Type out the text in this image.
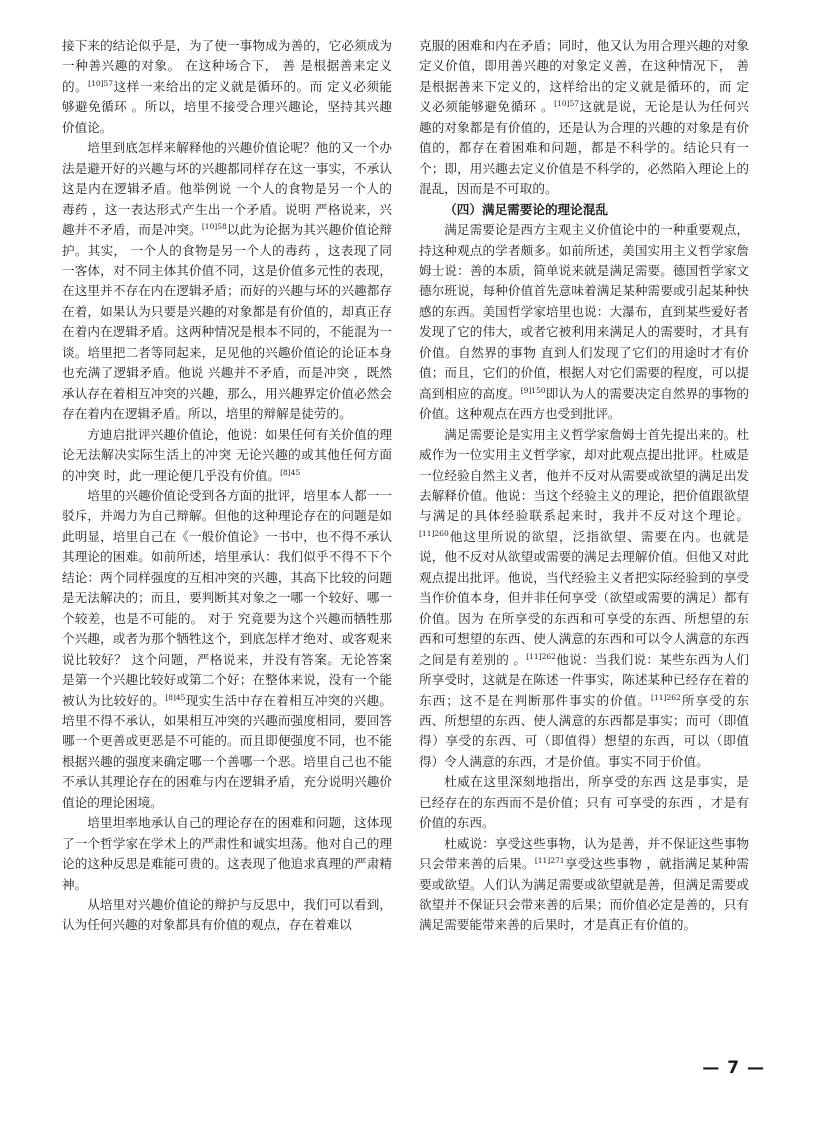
接下来的结论似乎是，为了使一事物成为善的，它必须成为一种善兴趣的对象。 在这种场合下， 善 是根据善来定义的。$^{[10]57}$这样一来给出的定义就是循环的。而 定义必须能够避免循环 。所以，培里不接受合理兴趣论，坚持其兴趣价值论。

培里到底怎样来解释他的兴趣价值论呢？他的又一个办法是避开好的兴趣与坏的兴趣都同样存在这一事实，不承认这是内在逻辑矛盾。他举例说 一个人的食物是另一个人的毒药 ，这一表达形式产生出一个矛盾。说明 严格说来，兴趣并不矛盾，而是冲突。$^{[10]58}$以此为论据为其兴趣价值论辩护。其实， 一个人的食物是另一个人的毒药 ，这表现了同一客体，对不同主体其价值不同，这是价值多元性的表现，在这里并不存在内在逻辑矛盾；而好的兴趣与坏的兴趣都存在着，如果认为只要是兴趣的对象都是有价值的，却真正存在着内在逻辑矛盾。这两种情况是根本不同的，不能混为一谈。培里把二者等同起来，足见他的兴趣价值论的论证本身也充满了逻辑矛盾。他说 兴趣并不矛盾，而是冲突 ，既然承认存在着相互冲突的兴趣，那么，用兴趣界定价值必然会存在着内在逻辑矛盾。所以，培里的辩解是徒劳的。

方迪启批评兴趣价值论，他说：如果任何有关价值的理论无法解决实际生活上的冲突 无论兴趣的或其他任何方面的冲突 时，此一理论便几乎没有价值。$^{[8]45}$

培里的兴趣价值论受到各方面的批评，培里本人都一一驳斥，并竭力为自己辩解。但他的这种理论存在的问题是如此明显，培里自己在《一般价值论》一书中，也不得不承认其理论的困难。如前所述，培里承认：我们似乎不得不下个结论：两个同样强度的互相冲突的兴趣，其高下比较的问题是无法解决的；而且，要判断其对象之一哪一个较好、哪一个较差，也是不可能的。 对于 究竟要为这个兴趣而牺牲那个兴趣，或者为那个牺牲这个，到底怎样才绝对、或客观来说比较好？ 这个问题，严格说来，并没有答案。无论答案是第一个兴趣比较好或第二个好；在整体来说，没有一个能被认为比较好的。$^{[8]45}$现实生活中存在着相互冲突的兴趣。培里不得不承认，如果相互冲突的兴趣而强度相同，要回答哪一个更善或更恶是不可能的。而且即便强度不同，也不能根据兴趣的强度来确定哪一个善哪一个恶。培里自己也不能不承认其理论存在的困难与内在逻辑矛盾，充分说明兴趣价值论的理论困境。

培里坦率地承认自己的理论存在的困难和问题，这体现了一个哲学家在学术上的严肃性和诚实坦荡。他对自己的理论的这种反思是难能可贵的。这表现了他追求真理的严肃精神。

从培里对兴趣价值论的辩护与反思中，我们可以看到，认为任何兴趣的对象都具有价值的观点，存在着难以

克服的困难和内在矛盾；同时，他又认为用合理兴趣的对象定义价值，即用善兴趣的对象定义善，在这种情况下， 善 是根据善来下定义的，这样给出的定义就是循环的，而 定义必须能够避免循环 。$^{[10]57}$这就是说，无论是认为任何兴趣的对象都是有价值的，还是认为合理的兴趣的对象是有价值的，都存在着困难和问题，都是不科学的。结论只有一个；即，用兴趣去定义价值是不科学的，必然陷入理论上的混乱，因而是不可取的。

（四）满足需要论的理论混乱

满足需要论是西方主观主义价值论中的一种重要观点，持这种观点的学者颇多。如前所述，美国实用主义哲学家詹姆士说：善的本质，简单说来就是满足需要。德国哲学家文德尔班说，每种价值首先意味着满足某种需要或引起某种快感的东西。美国哲学家培里也说：大瀑布，直到某些爱好者发现了它的伟大，或者它被利用来满足人的需要时，才具有价值。自然界的事物 直到人们发现了它们的用途时才有价值；而且，它们的价值，根据人对它们需要的程度，可以提高到相应的高度。$^{[9]150}$即认为人的需要决定自然界的事物的价值。这种观点在西方也受到批评。

满足需要论是实用主义哲学家詹姆士首先提出来的。杜威作为一位实用主义哲学家，却对此观点提出批评。杜威是一位经验自然主义者，他并不反对从需要或欲望的满足出发去解释价值。他说：当这个经验主义的理论，把价值跟欲望与满足的具体经验联系起来时，我并不反对这个理论。$^{[11]260}$他这里所说的欲望，泛指欲望、需要在内。也就是说，他不反对从欲望或需要的满足去理解价值。但他又对此观点提出批评。他说，当代经验主义者把实际经验到的享受当作价值本身，但并非任何享受（欲望或需要的满足）都有价值。因为 在所享受的东西和可享受的东西、所想望的东西和可想望的东西、使人满意的东西和可以令人满意的东西之间是有差别的 。$^{[11]262}$他说：当我们说：某些东西为人们所享受时，这就是在陈述一件事实，陈述某种已经存在着的东西；这不是在判断那件事实的价值。$^{[11]262}$所享受的东西、所想望的东西、使人满意的东西都是事实；而可（即值得）享受的东西、可（即值得）想望的东西，可以（即值得）令人满意的东西，才是价值。事实不同于价值。

杜威在这里深刻地指出，所享受的东西 这是事实，是已经存在的东西而不是价值；只有 可享受的东西 ，才是有价值的东西。

杜威说：享受这些事物，认为是善，并不保证这些事物只会带来善的后果。$^{[11]271}$享受这些事物 ，就指满足某种需要或欲望。人们认为满足需要或欲望就是善，但满足需要或欲望并不保证只会带来善的后果；而价值必定是善的，只有满足需要能带来善的后果时，才是真正有价值的。

— 7 —
